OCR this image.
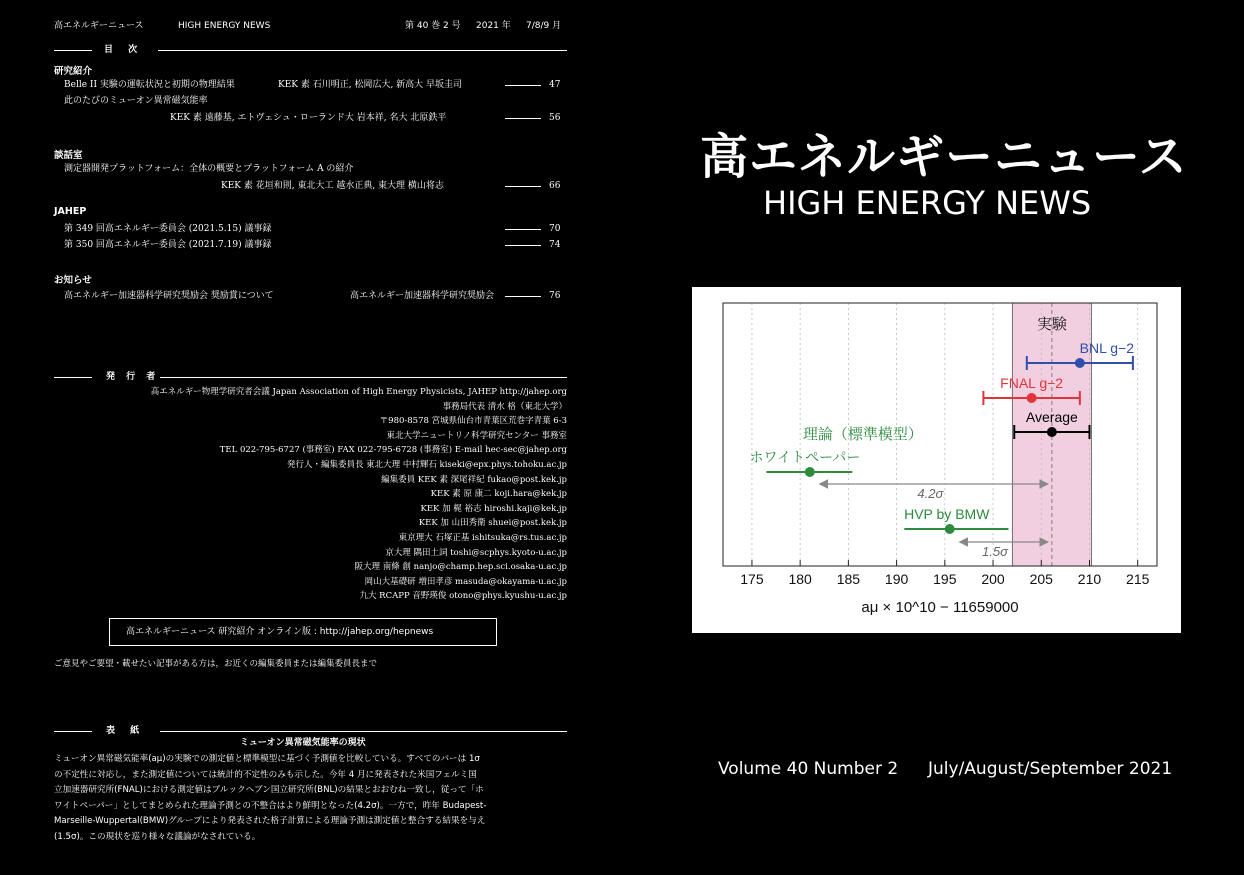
高エネルギーニュース	HIGH ENERGY NEWS	第 40 巻 2 号 2021 年 7/8/9 月
目 次
研究紹介
Belle II 実験の運転状況と初期の物理結果	KEK 素 石川明正, 松岡広大, 新高大 早坂圭司	47
此のたびのミューオン異常磁気能率
KEK 素 遠藤基, エトヴェシュ・ローランド大 岩本祥, 名大 北原鉄平	56
談話室
測定器開発プラットフォーム：全体の概要とプラットフォーム A の紹介
KEK 素 花垣和則, 東北大工 越水正典, 東大理 横山将志	66
JAHEP
第 349 回高エネルギー委員会 (2021.5.15) 議事録	70
第 350 回高エネルギー委員会 (2021.7.19) 議事録	74
お知らせ
高エネルギー加速器科学研究奨励会 奨励賞について	高エネルギー加速器科学研究奨励会	76
発 行 者
高エネルギー物理学研究者会議 Japan Association of High Energy Physicists, JAHEP http://jahep.org
事務局代表 清水 格（東北大学）
〒980-8578 宮城県仙台市青葉区荒巻字青葉 6-3
東北大学ニュートリノ科学研究センター 事務室
TEL 022-795-6727 (事務室) FAX 022-795-6728 (事務室) E-mail hec-sec@jahep.org
発行人・編集委員長 東北大理 中村輝石 kiseki@epx.phys.tohoku.ac.jp
編集委員 KEK 素 深尾祥紀 fukao@post.kek.jp
KEK 素 原 康二 koji.hara@kek.jp
KEK 加 梶 裕志 hiroshi.kaji@kek.jp
KEK 加 山田秀衛 shuei@post.kek.jp
東京理大 石塚正基 ishitsuka@rs.tus.ac.jp
京大理 隅田土詞 toshi@scphys.kyoto-u.ac.jp
阪大理 南條 創 nanjo@champ.hep.sci.osaka-u.ac.jp
岡山大基礎研 増田孝彦 masuda@okayama-u.ac.jp
九大 RCAPP 音野瑛俊 otono@phys.kyushu-u.ac.jp
高エネルギーニュース 研究紹介 オンライン版 : http://jahep.org/hepnews
ご意見やご要望・載せたい記事がある方は，お近くの編集委員または編集委員長まで
表 紙
ミューオン異常磁気能率の現状
ミューオン異常磁気能率(aμ)の実験での測定値と標準模型に基づく予測値を比較している。すべてのバーは 1σ
の不定性に対応し，また測定値については統計的不定性のみも示した。今年 4 月に発表された米国フェルミ国
立加速器研究所(FNAL)における測定値はブルックヘブン国立研究所(BNL)の結果とおおむね一致し，従って「ホ
ワイトペーパー」としてまとめられた理論予測との不整合はより鮮明となった(4.2σ)。一方で，昨年 Budapest-
Marseille-Wuppertal(BMW)グループにより発表された格子計算による理論予測は測定値と整合する結果を与え
(1.5σ)。この現状を巡り様々な議論がなされている。
高エネルギーニュース
HIGH ENERGY NEWS
175 180 185 190 195 200 205 210 215
aμ × 10^10 − 11659000
実験
理論（標準模型）
BNL g−2
FNAL g−2
Average
ホワイトペーパー
HVP by BMW
4.2σ
1.5σ
Volume 40 Number 2 July/August/September 2021
